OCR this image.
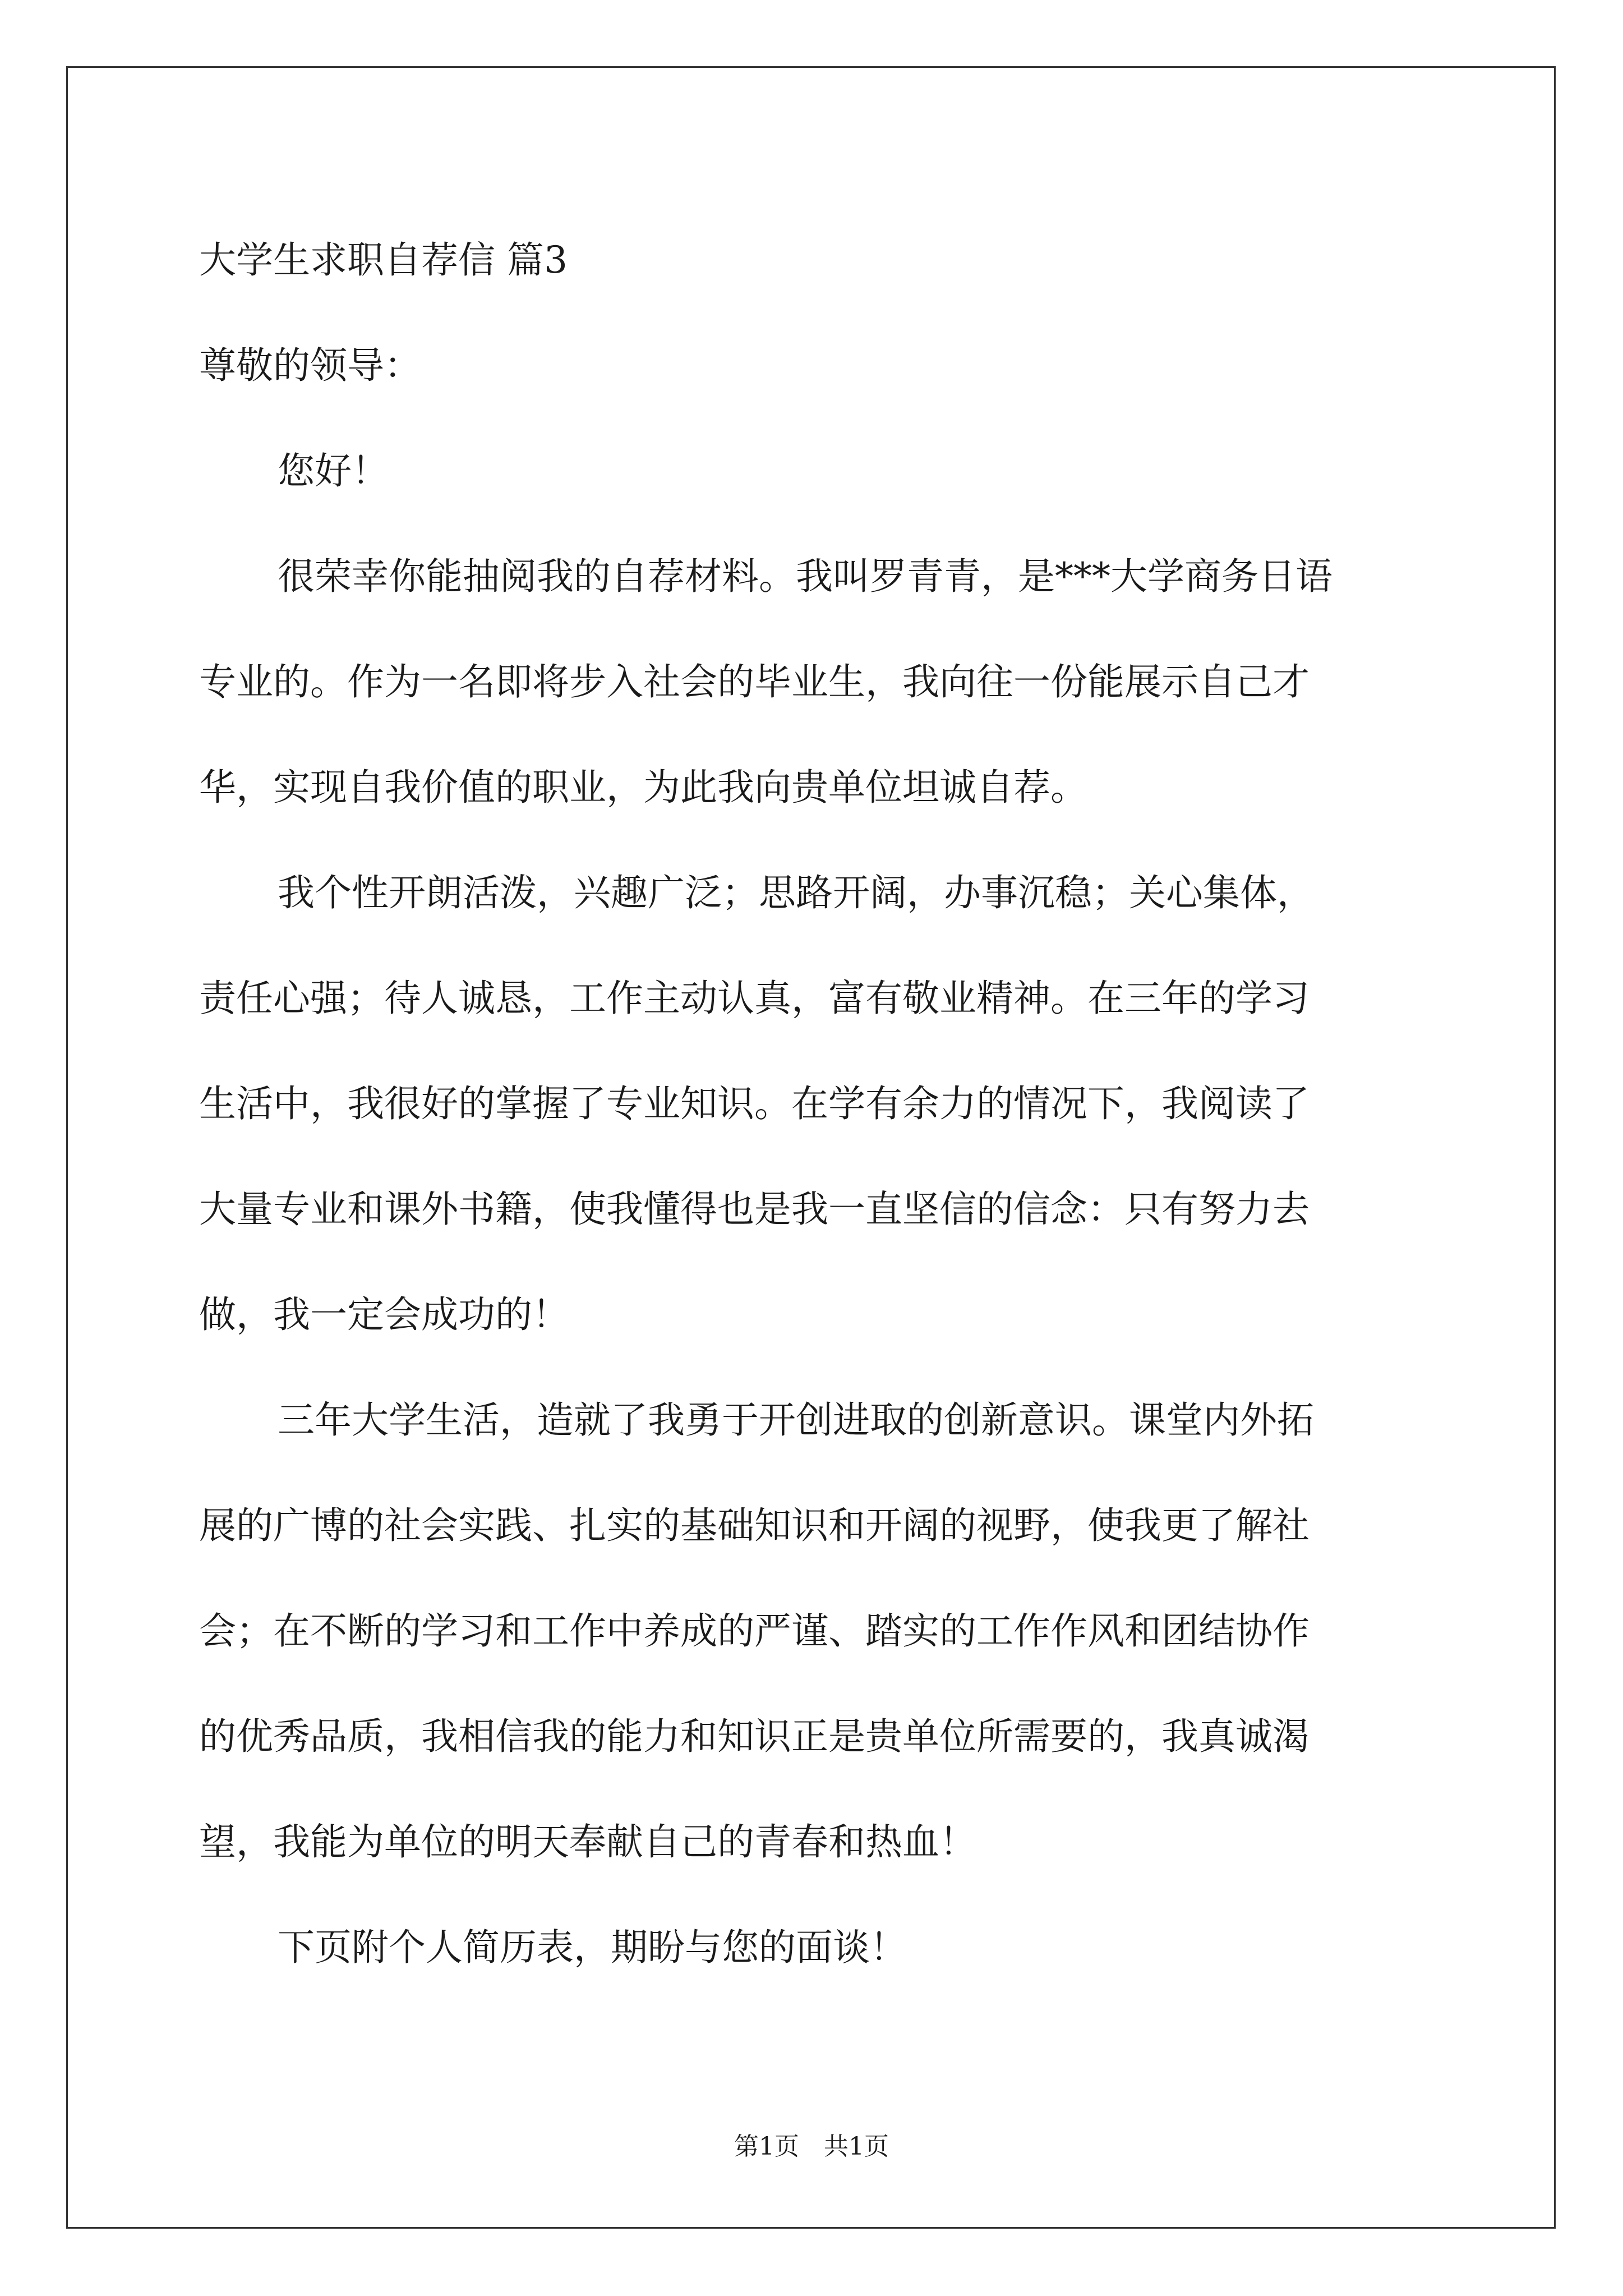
大学生求职自荐信 篇3
尊敬的领导：
您好！
很荣幸你能抽阅我的自荐材料。我叫罗青青，是***大学商务日语
专业的。作为一名即将步入社会的毕业生，我向往一份能展示自己才
华，实现自我价值的职业，为此我向贵单位坦诚自荐。
我个性开朗活泼，兴趣广泛；思路开阔，办事沉稳；关心集体，
责任心强；待人诚恳，工作主动认真，富有敬业精神。在三年的学习
生活中，我很好的掌握了专业知识。在学有余力的情况下，我阅读了
大量专业和课外书籍，使我懂得也是我一直坚信的信念：只有努力去
做，我一定会成功的！
三年大学生活，造就了我勇于开创进取的创新意识。课堂内外拓
展的广博的社会实践、扎实的基础知识和开阔的视野，使我更了解社
会；在不断的学习和工作中养成的严谨、踏实的工作作风和团结协作
的优秀品质，我相信我的能力和知识正是贵单位所需要的，我真诚渴
望，我能为单位的明天奉献自己的青春和热血！
下页附个人简历表，期盼与您的面谈！
第1页　共1页
